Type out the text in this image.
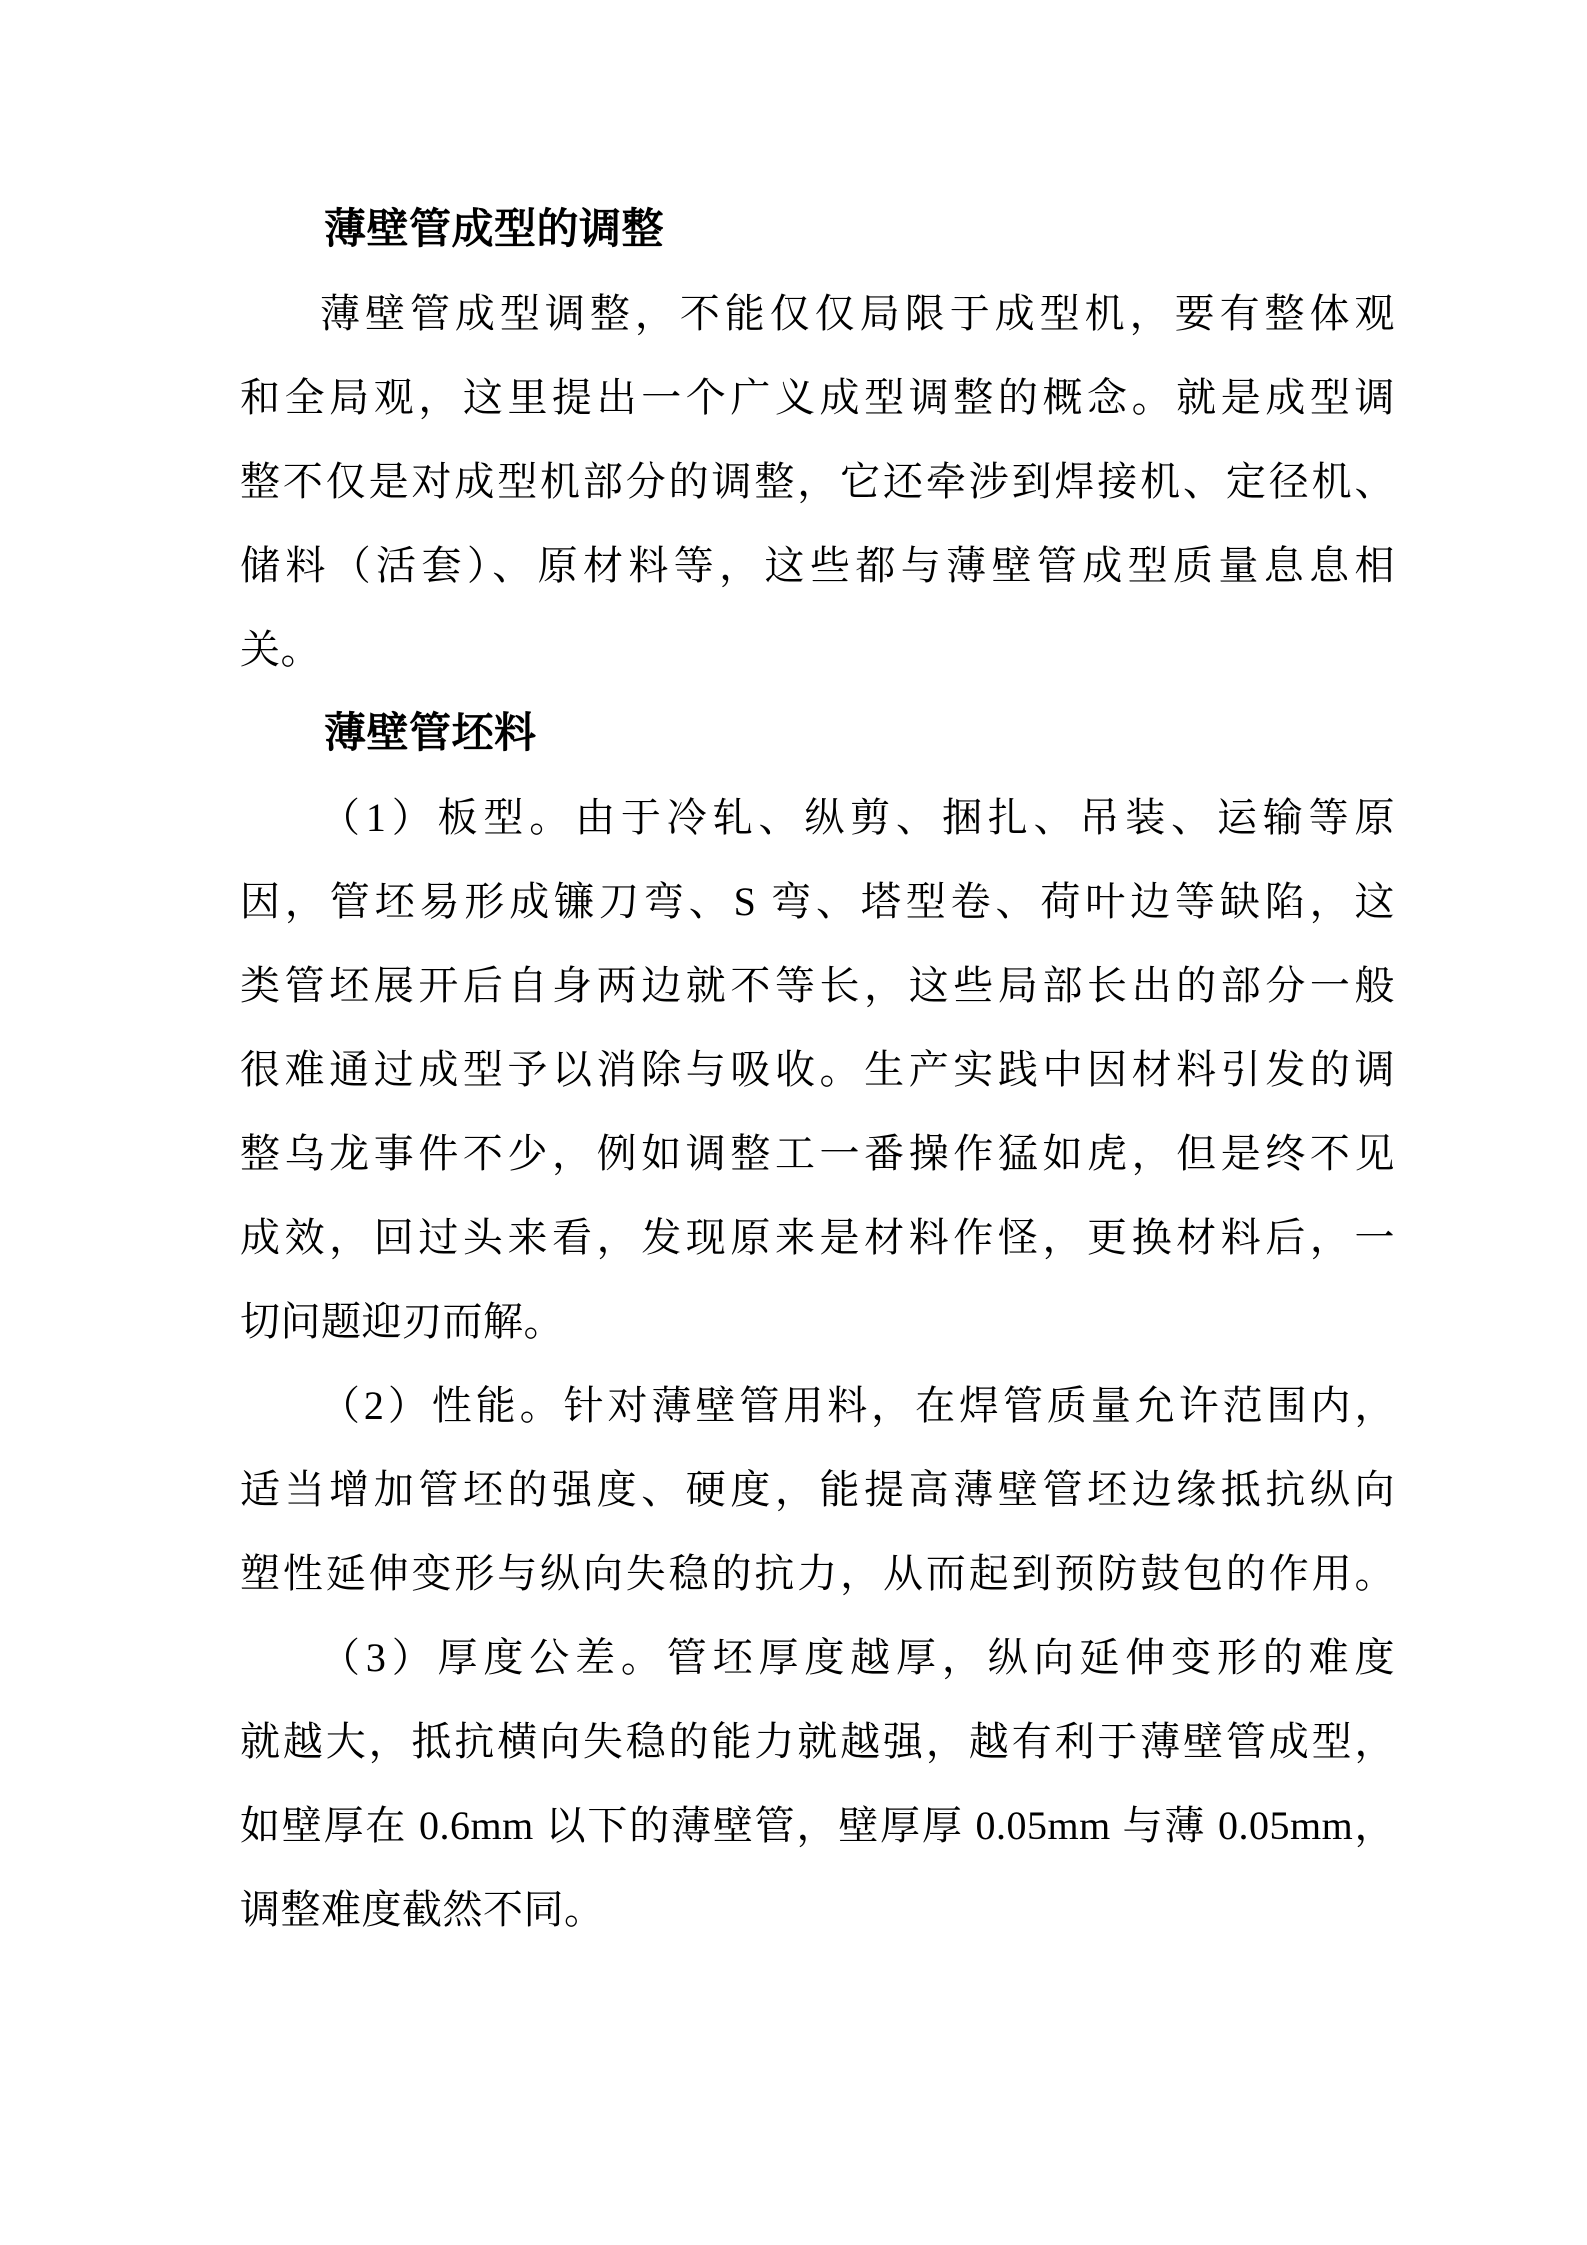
薄壁管成型的调整
薄壁管成型调整，不能仅仅局限于成型机，要有整体观
和全局观，这里提出一个广义成型调整的概念。就是成型调
整不仅是对成型机部分的调整，它还牵涉到焊接机、定径机、
储料（活套）、原材料等，这些都与薄壁管成型质量息息相
关。
薄壁管坯料
（1）板型。由于冷轧、纵剪、捆扎、吊装、运输等原
因，管坯易形成镰刀弯、S 弯、塔型卷、荷叶边等缺陷，这
类管坯展开后自身两边就不等长，这些局部长出的部分一般
很难通过成型予以消除与吸收。生产实践中因材料引发的调
整乌龙事件不少，例如调整工一番操作猛如虎，但是终不见
成效，回过头来看，发现原来是材料作怪，更换材料后，一
切问题迎刃而解。
（2）性能。针对薄壁管用料，在焊管质量允许范围内，
适当增加管坯的强度、硬度，能提高薄壁管坯边缘抵抗纵向
塑性延伸变形与纵向失稳的抗力，从而起到预防鼓包的作用。
（3）厚度公差。管坯厚度越厚，纵向延伸变形的难度
就越大，抵抗横向失稳的能力就越强，越有利于薄壁管成型，
如壁厚在 0.6mm 以下的薄壁管，壁厚厚 0.05mm 与薄 0.05mm，
调整难度截然不同。
